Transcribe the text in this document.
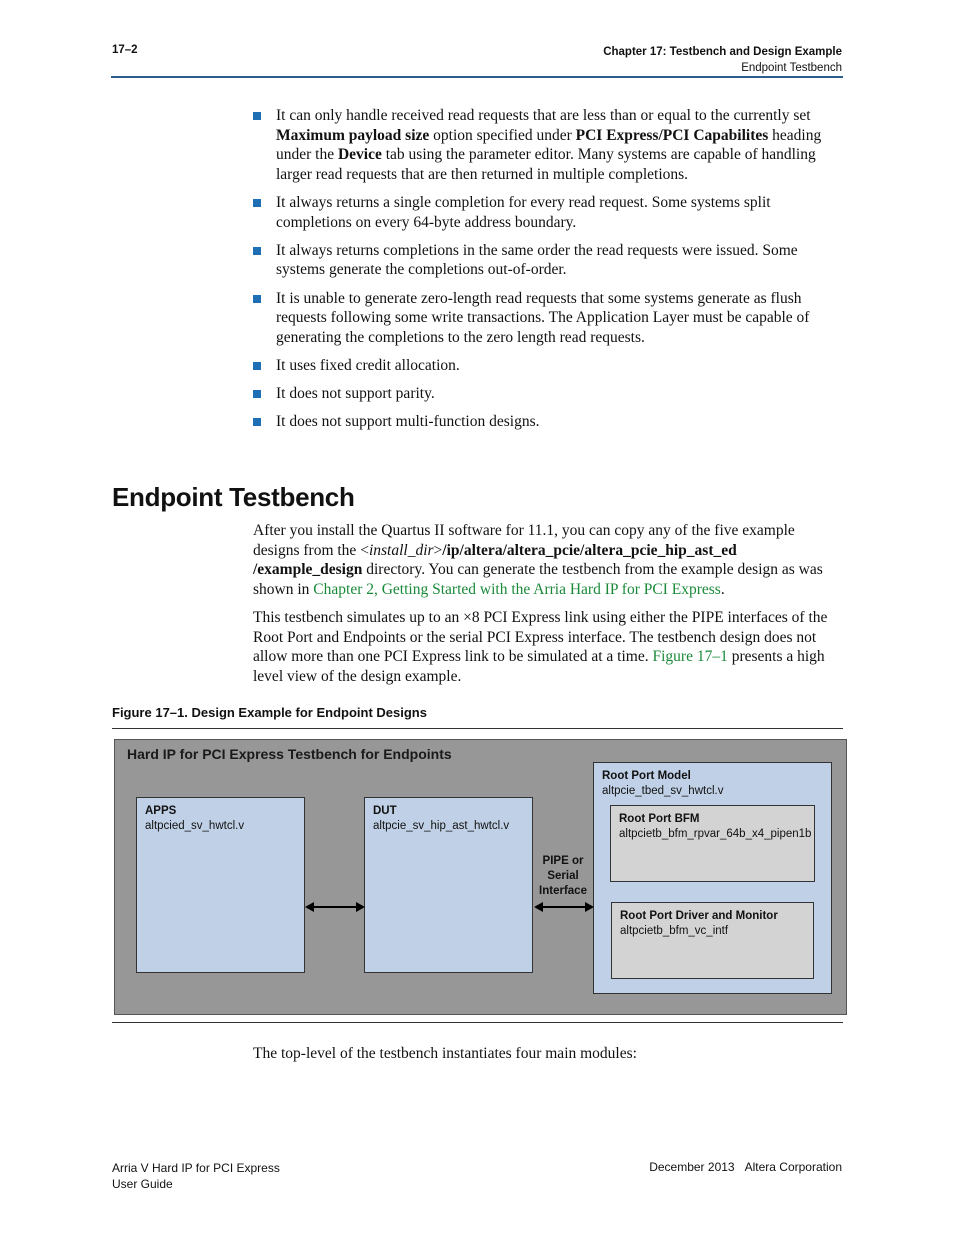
17–2	Chapter 17: Testbench and Design Example
Endpoint Testbench
It can only handle received read requests that are less than or equal to the currently set Maximum payload size option specified under PCI Express/PCI Capabilites heading under the Device tab using the parameter editor. Many systems are capable of handling larger read requests that are then returned in multiple completions.
It always returns a single completion for every read request. Some systems split completions on every 64-byte address boundary.
It always returns completions in the same order the read requests were issued. Some systems generate the completions out-of-order.
It is unable to generate zero-length read requests that some systems generate as flush requests following some write transactions. The Application Layer must be capable of generating the completions to the zero length read requests.
It uses fixed credit allocation.
It does not support parity.
It does not support multi-function designs.
Endpoint Testbench
After you install the Quartus II software for 11.1, you can copy any of the five example designs from the <install_dir>/ip/altera/altera_pcie/altera_pcie_hip_ast_ed /example_design directory. You can generate the testbench from the example design as was shown in Chapter 2, Getting Started with the Arria Hard IP for PCI Express.
This testbench simulates up to an ×8 PCI Express link using either the PIPE interfaces of the Root Port and Endpoints or the serial PCI Express interface. The testbench design does not allow more than one PCI Express link to be simulated at a time. Figure 17–1 presents a high level view of the design example.
Figure 17–1. Design Example for Endpoint Designs
Hard IP for PCI Express Testbench for Endpoints
APPS
altpcied_sv_hwtcl.v
DUT
altpcie_sv_hip_ast_hwtcl.v
PIPE or
Serial
Interface
Root Port Model
altpcie_tbed_sv_hwtcl.v
Root Port BFM
altpcietb_bfm_rpvar_64b_x4_pipen1b
Root Port Driver and Monitor
altpcietb_bfm_vc_intf
The top-level of the testbench instantiates four main modules:
Arria V Hard IP for PCI Express
User Guide
December 2013 Altera Corporation
